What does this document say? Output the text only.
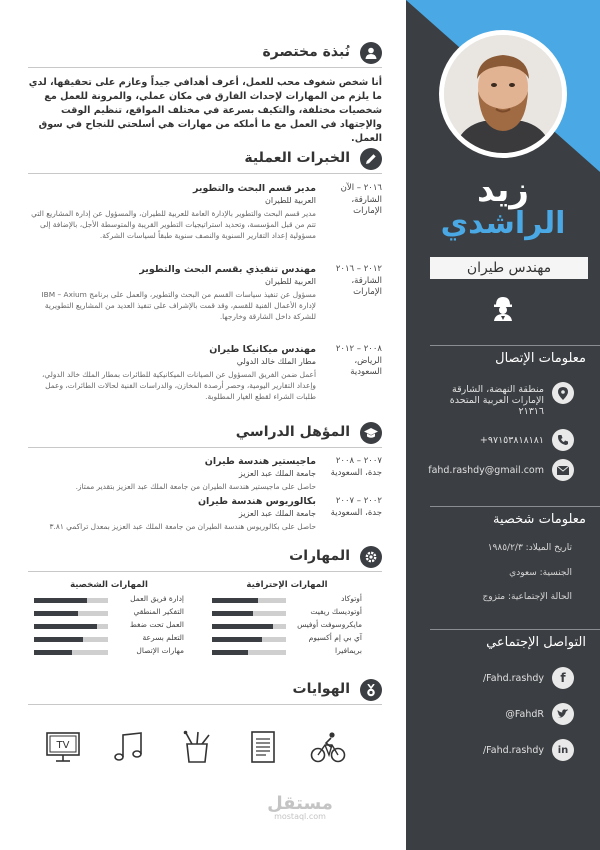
زيد
الراشدي
مهندس طيران
معلومات الإتصال
منطقة النهضة، الشارقة
الإمارات العربية المتحدة
٢١٣١٦
+٩٧١٥٣٨١٨١٨١
fahd.rashdy@gmail.com
معلومات شخصية
تاريخ الميلاد: ١٩٨٥/٢/٣
الجنسية: سعودي
الحالة الإجتماعية: متزوج
التواصل الإجتماعي
f
/Fahd.rashdy
@FahdR
in
/Fahd.rashdy
نُبذة مختصرة
أنا شخص شغوف محب للعمل، أعرف أهدافي جيداً وعازم على تحقيقها، لدي ما يلزم من المهارات لإحداث الفارق في مكان عملي، والمرونة للعمل مع شخصيات مختلفة، والتكيف بسرعة في مختلف المواقع، تنظيم الوقت والإجتهاد في العمل مع ما أملكه من مهارات هي أسلحتي للنجاح في سوق العمل.
الخبرات العملية
٢٠١٦ – الآن
الشارقة، الإمارات
مدير قسم البحث والتطوير
العربية للطيران
مدير قسم البحث والتطوير بالإدارة العامة للعربية للطيران، والمسؤول عن إدارة المشاريع التي تتم من قبل المؤسسة، وتحديد استراتيجيات التطوير القريبة والمتوسطة الأجل، بالإضافة إلى مسؤولية إعداد التقارير السنوية والنصف سنوية طبقاً لسياسات الشركة.
٢٠١٢ – ٢٠١٦
الشارقة، الإمارات
مهندس تنفيذي بقسم البحث والتطوير
العربية للطيران
مسؤول عن تنفيذ سياسات القسم من البحث والتطوير، والعمل على برنامج IBM – Axium لإدارة الأعمال الفنية للقسم، وقد قمت بالإشراف على تنفيذ العديد من المشاريع التطويرية للشركة داخل الشارقة وخارجها.
٢٠٠٨ – ٢٠١٢
الرياض، السعودية
مهندس ميكانيكا طيران
مطار الملك خالد الدولي
أعمل ضمن الفريق المسؤول عن الصيانات الميكانيكية للطائرات بمطار الملك خالد الدولي، وإعداد التقارير اليومية، وحصر أرصدة المخازن، والدراسات الفنية لحالات الطائرات، وعمل طلبات الشراء لقطع الغيار المطلوبة.
المؤهل الدراسي
٢٠٠٧ – ٢٠٠٨
جدة، السعودية
ماجيستير هندسة طيران
جامعة الملك عبد العزيز
حاصل على ماجيستير هندسة الطيران من جامعة الملك عبد العزيز بتقدير ممتاز.
٢٠٠٢ – ٢٠٠٧
جدة، السعودية
بكالوريوس هندسة طيران
جامعة الملك عبد العزيز
حاصل على بكالوريوس هندسة الطيران من جامعة الملك عبد العزيز بمعدل تراكمي ٣.٨١
المهارات
المهارات الإحترافية
أوتوكاد
أوتوديسك ريفيت
مايكروسوفت أوفيس
آي بي إم أكسيوم
بريمافيرا
المهارات الشخصية
إدارة فريق العمل
التفكير المنطقي
العمل تحت ضغط
التعلم بسرعة
مهارات الإتصال
الهوايات
TV
مستقل
mostaql.com
